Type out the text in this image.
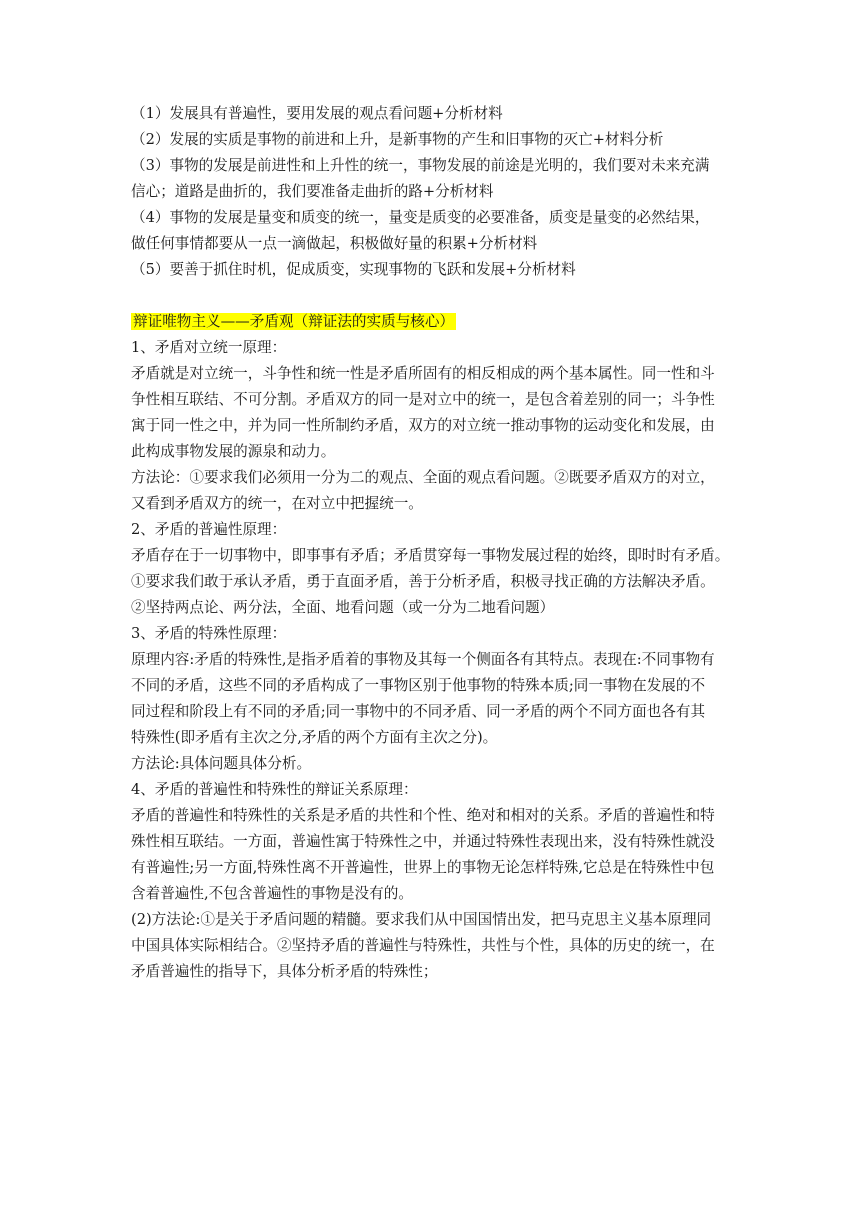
（1）发展具有普遍性，要用发展的观点看问题+分析材料
（2）发展的实质是事物的前进和上升，是新事物的产生和旧事物的灭亡+材料分析
（3）事物的发展是前进性和上升性的统一，事物发展的前途是光明的，我们要对未来充满
信心；道路是曲折的，我们要准备走曲折的路+分析材料
（4）事物的发展是量变和质变的统一，量变是质变的必要准备，质变是量变的必然结果，
做任何事情都要从一点一滴做起，积极做好量的积累+分析材料
（5）要善于抓住时机，促成质变，实现事物的飞跃和发展+分析材料
辩证唯物主义——矛盾观（辩证法的实质与核心）
1、矛盾对立统一原理：
矛盾就是对立统一，斗争性和统一性是矛盾所固有的相反相成的两个基本属性。同一性和斗
争性相互联结、不可分割。矛盾双方的同一是对立中的统一，是包含着差别的同一；斗争性
寓于同一性之中，并为同一性所制约矛盾，双方的对立统一推动事物的运动变化和发展，由
此构成事物发展的源泉和动力。
方法论：①要求我们必须用一分为二的观点、全面的观点看问题。②既要矛盾双方的对立，
又看到矛盾双方的统一，在对立中把握统一。
2、矛盾的普遍性原理：
矛盾存在于一切事物中，即事事有矛盾；矛盾贯穿每一事物发展过程的始终，即时时有矛盾。
①要求我们敢于承认矛盾，勇于直面矛盾，善于分析矛盾，积极寻找正确的方法解决矛盾。
②坚持两点论、两分法，全面、地看问题（或一分为二地看问题）
3、矛盾的特殊性原理：
原理内容:矛盾的特殊性,是指矛盾着的事物及其每一个侧面各有其特点。表现在:不同事物有
不同的矛盾，这些不同的矛盾构成了一事物区别于他事物的特殊本质;同一事物在发展的不
同过程和阶段上有不同的矛盾;同一事物中的不同矛盾、同一矛盾的两个不同方面也各有其
特殊性(即矛盾有主次之分,矛盾的两个方面有主次之分)。
方法论:具体问题具体分析。
4、矛盾的普遍性和特殊性的辩证关系原理：
矛盾的普遍性和特殊性的关系是矛盾的共性和个性、绝对和相对的关系。矛盾的普遍性和特
殊性相互联结。一方面，普遍性寓于特殊性之中，并通过特殊性表现出来，没有特殊性就没
有普遍性;另一方面,特殊性离不开普遍性，世界上的事物无论怎样特殊,它总是在特殊性中包
含着普遍性,不包含普遍性的事物是没有的。
(2)方法论:①是关于矛盾问题的精髓。要求我们从中国国情出发，把马克思主义基本原理同
中国具体实际相结合。②坚持矛盾的普遍性与特殊性，共性与个性，具体的历史的统一，在
矛盾普遍性的指导下，具体分析矛盾的特殊性；
